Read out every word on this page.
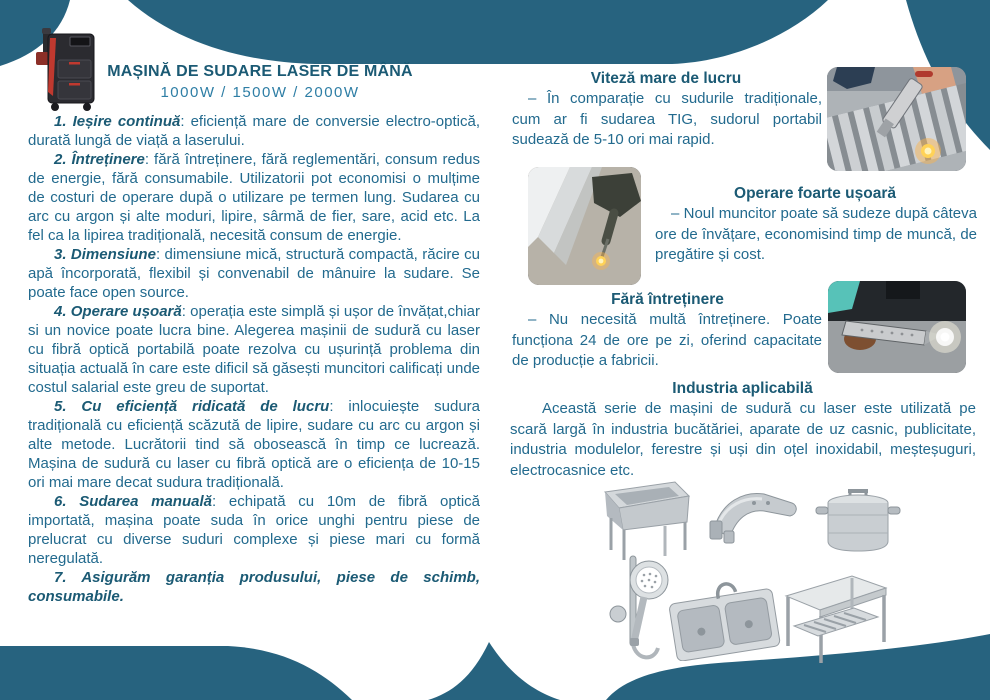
MAȘINĂ DE SUDARE LASER DE MÂNĂ
1000W / 1500W / 2000W

1. Ieșire continuă: eficiență mare de conversie electro-optică, durată lungă de viață a laserului.

2. Întreținere: fără întreținere, fără reglementări, consum redus de energie, fără consumabile. Utilizatorii pot economisi o mulțime de costuri de operare după o utilizare pe termen lung. Sudarea cu arc cu argon și alte moduri, lipire, sârmă de fier, sare, acid etc. La fel ca la lipirea tradițională, necesită consum de energie.

3. Dimensiune: dimensiune mică, structură compactă, răcire cu apă încorporată, flexibil și convenabil de mânuire la sudare. Se poate face open source.

4. Operare ușoară: operația este simplă și ușor de învățat,chiar si un novice poate lucra bine. Alegerea mașinii de sudură cu laser cu fibră optică portabilă poate rezolva cu ușurință problema din situația actuală în care este dificil să găsești muncitori calificați unde costul salarial este greu de suportat.

5. Cu eficiență ridicată de lucru: inlocuiește sudura tradițională cu eficiență scăzută de lipire, sudare cu arc cu argon și alte metode. Lucrătorii tind să obosească în timp ce lucrează. Mașina de sudură cu laser cu fibră optică are o eficiența de 10-15 ori mai mare decat sudura tradițională.

6. Sudarea manuală: echipată cu 10m de fibră optică importată, mașina poate suda în orice unghi pentru piese de prelucrat cu diverse suduri complexe și piese mari cu formă neregulată.

7. Asigurăm garanția produsului, piese de schimb, consumabile.

Viteză mare de lucru
– În comparație cu sudurile tradiționale, cum ar fi sudarea TIG, sudorul portabil sudează de 5-10 ori mai rapid.
Operare foarte ușoară
– Noul muncitor poate să sudeze după câteva ore de învățare, economisind timp de muncă, de pregătire și cost.
Fără întreținere
– Nu necesită multă întreținere. Poate funcționa 24 de ore pe zi, oferind capacitate de producție a fabricii.
Industria aplicabilă
Această serie de mașini de sudură cu laser este utilizată pe scară largă în industria bucătăriei, aparate de uz casnic, publicitate, industria modulelor, ferestre și uși din oțel inoxidabil, meșteșuguri, electrocasnice etc.
